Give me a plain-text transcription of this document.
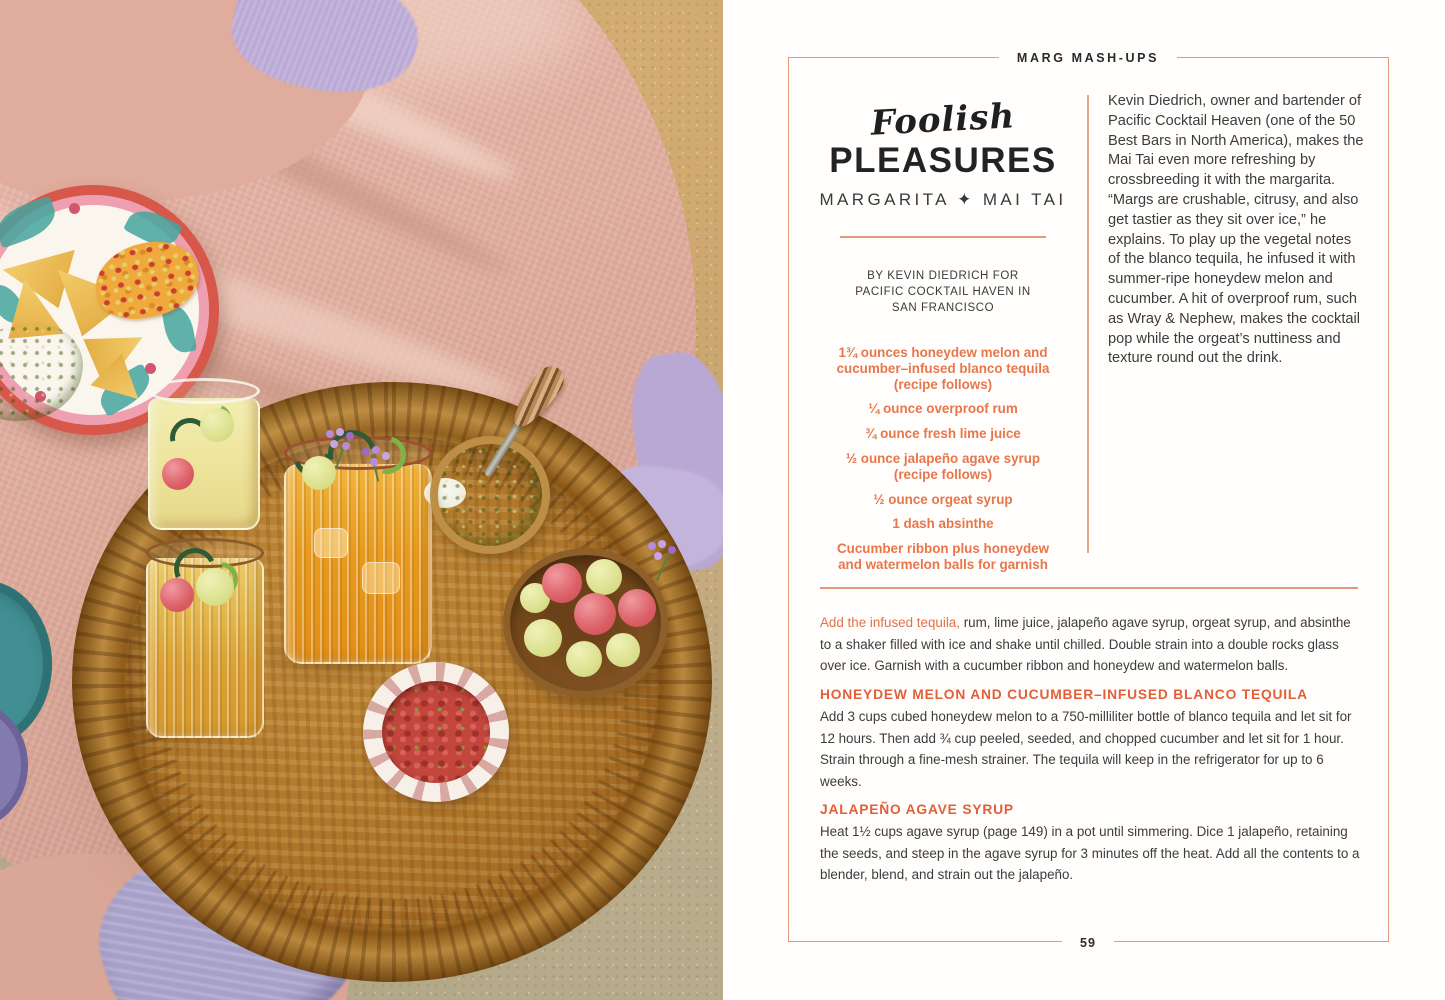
MARG MASH-UPS
Foolish
PLEASURES
MARGARITA ✦ MAI TAI
BY KEVIN DIEDRICH FOR
PACIFIC COCKTAIL HAVEN IN
SAN FRANCISCO
1¾ ounces honeydew melon and cucumber–infused blanco tequila (recipe follows)
¼ ounce overproof rum
¾ ounce fresh lime juice
½ ounce jalapeño agave syrup (recipe follows)
½ ounce orgeat syrup
1 dash absinthe
Cucumber ribbon plus honeydew and watermelon balls for garnish

Kevin Diedrich, owner and bartender of Pacific Cocktail Heaven (one of the 50 Best Bars in North America), makes the Mai Tai even more refreshing by crossbreeding it with the margarita. “Margs are crushable, citrusy, and also get tastier as they sit over ice,” he explains. To play up the vegetal notes of the blanco tequila, he infused it with summer-ripe honeydew melon and cucumber. A hit of overproof rum, such as Wray & Nephew, makes the cocktail pop while the orgeat’s nuttiness and texture round out the drink.

Add the infused tequila, rum, lime juice, jalapeño agave syrup, orgeat syrup, and absinthe to a shaker filled with ice and shake until chilled. Double strain into a double rocks glass over ice. Garnish with a cucumber ribbon and honeydew and watermelon balls.

HONEYDEW MELON AND CUCUMBER–INFUSED BLANCO TEQUILA

Add 3 cups cubed honeydew melon to a 750-milliliter bottle of blanco tequila and let sit for 12 hours. Then add ¾ cup peeled, seeded, and chopped cucumber and let sit for 1 hour. Strain through a fine-mesh strainer. The tequila will keep in the refrigerator for up to 6 weeks.

JALAPEÑO AGAVE SYRUP

Heat 1½ cups agave syrup (page 149) in a pot until simmering. Dice 1 jalapeño, retaining the seeds, and steep in the agave syrup for 3 minutes off the heat. Add all the contents to a blender, blend, and strain out the jalapeño.

59
